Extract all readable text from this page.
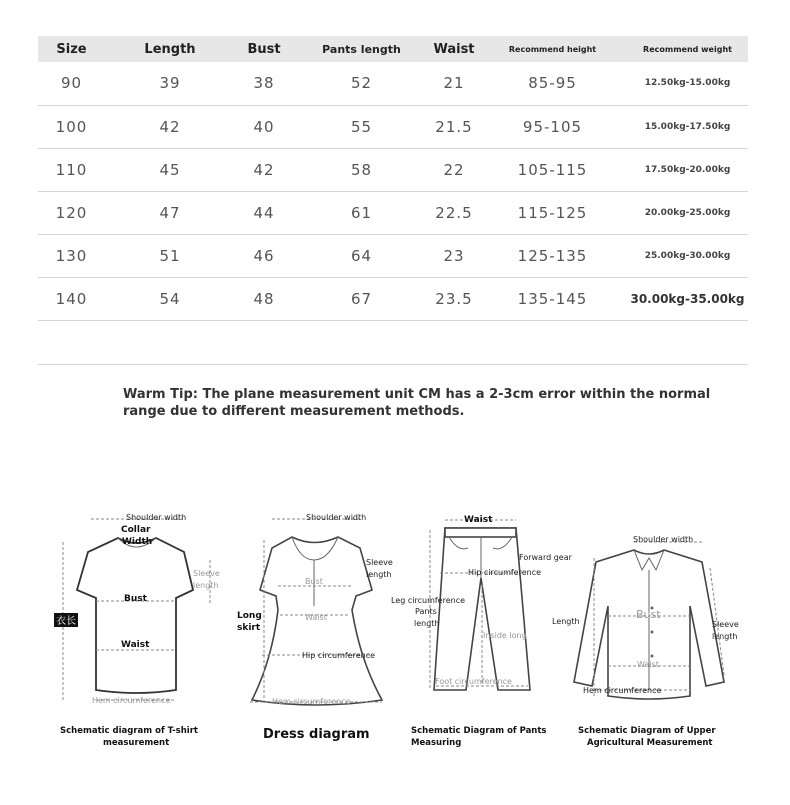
Size	Length	Bust	Pants length	Waist	Recommend height	Recommend weight
90	39	38	52	21	85-95	12.50kg-15.00kg
100	42	40	55	21.5	95-105	15.00kg-17.50kg
110	45	42	58	22	105-115	17.50kg-20.00kg
120	47	44	61	22.5	115-125	20.00kg-25.00kg
130	51	46	64	23	125-135	25.00kg-30.00kg
140	54	48	67	23.5	135-145	30.00kg-35.00kg
Warm Tip: The plane measurement unit CM has a 2-3cm error within the normal range due to different measurement methods.
Shoulder width
Collar
Width
Sleeve
length
Bust
衣长
Waist
Hem circumference
Schematic diagram of T-shirt
measurement
Shoulder width
Sleeve
length
Bust
Long
skirt
Waist
Hip circumference
Hem circumference
Dress diagram
Waist
Forward gear
Hip circumference
Leg circumference
Pants
length
Inside long
Foot circumference
Schematic Diagram of Pants
Measuring
Shoulder width
Length
Bust
Sleeve
length
Waist
Hem circumference
Schematic Diagram of Upper
Agricultural Measurement
